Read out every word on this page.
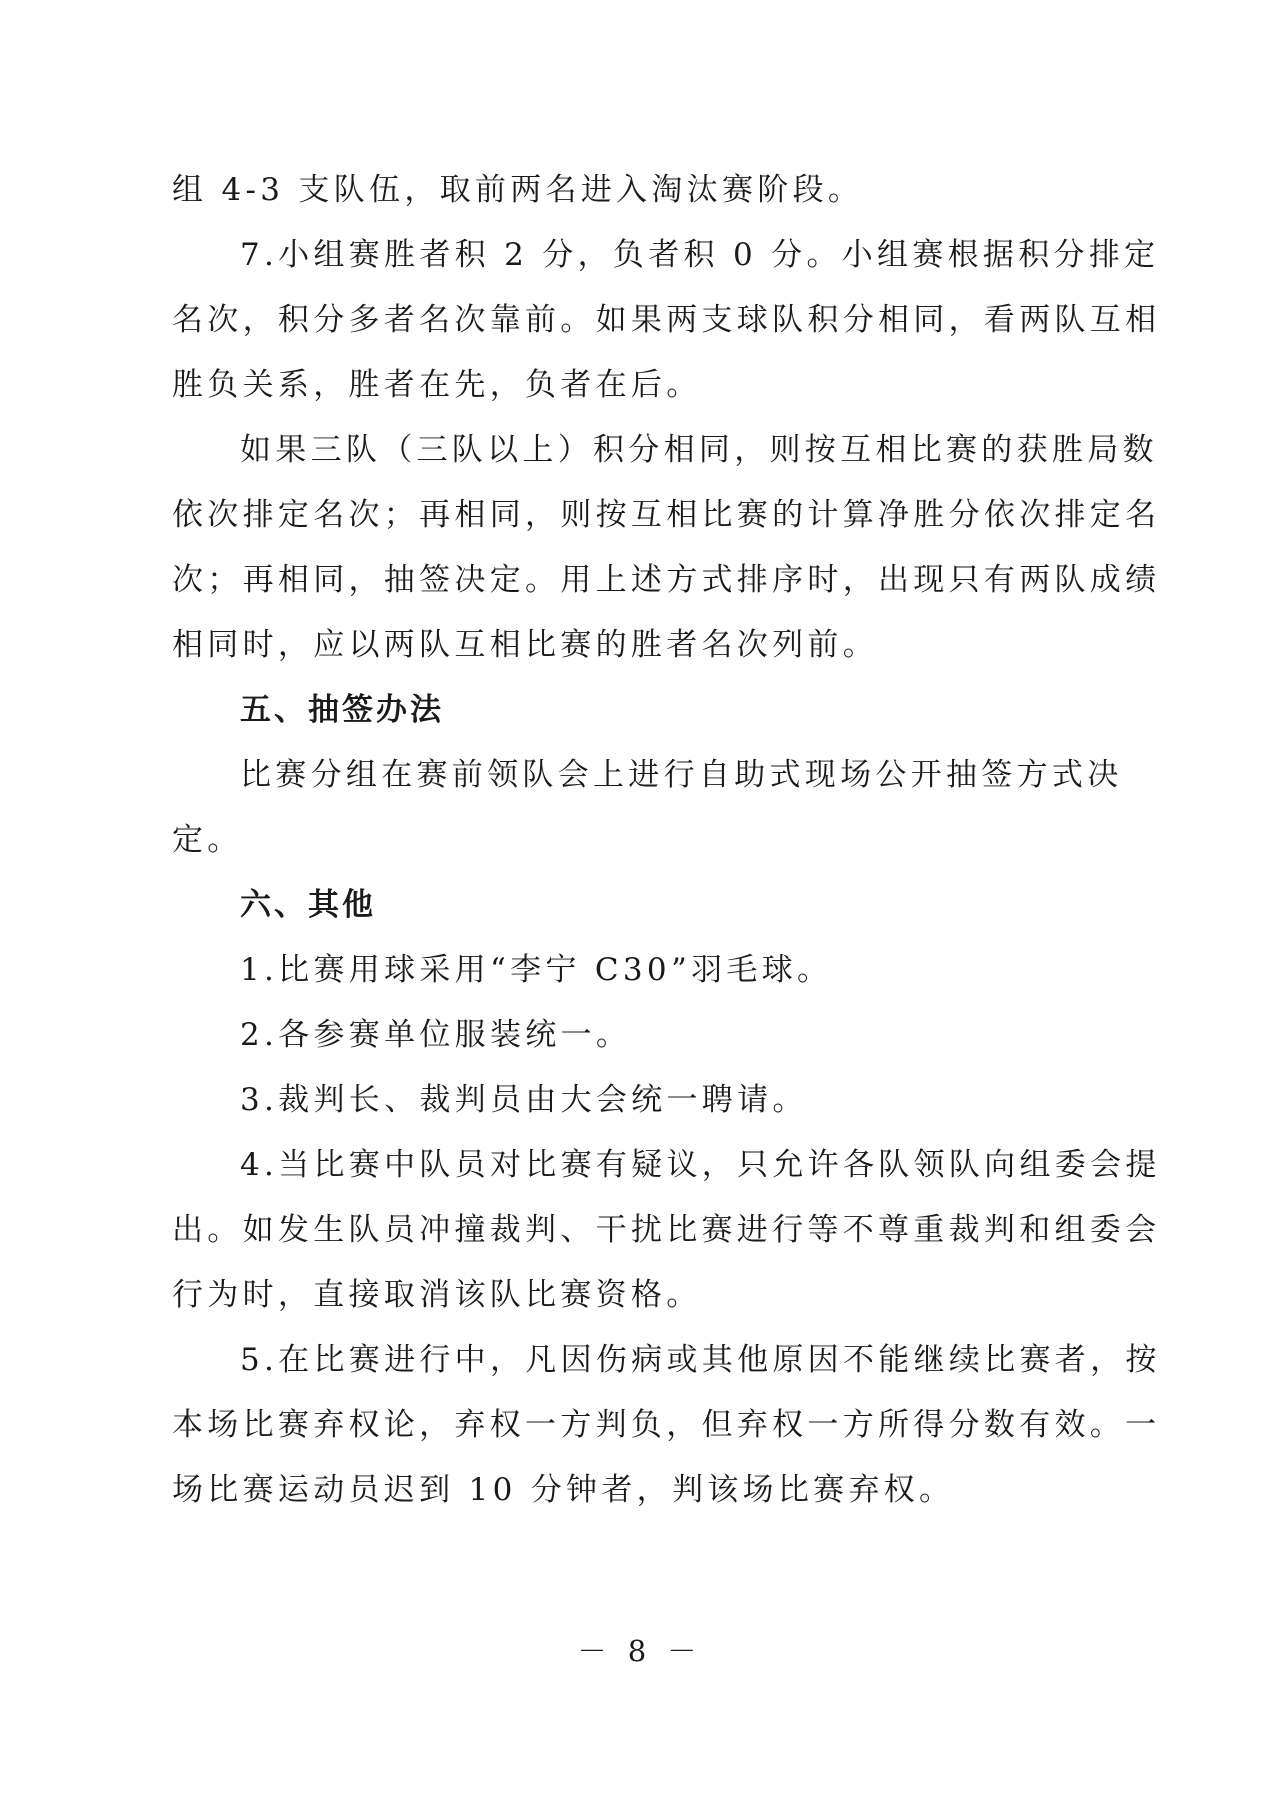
组 4-3 支队伍，取前两名进入淘汰赛阶段。

7.小组赛胜者积 2 分，负者积 0 分。小组赛根据积分排定

名次，积分多者名次靠前。如果两支球队积分相同，看两队互相

胜负关系，胜者在先，负者在后。

如果三队（三队以上）积分相同，则按互相比赛的获胜局数

依次排定名次；再相同，则按互相比赛的计算净胜分依次排定名

次；再相同，抽签决定。用上述方式排序时，出现只有两队成绩

相同时，应以两队互相比赛的胜者名次列前。

五、抽签办法

比赛分组在赛前领队会上进行自助式现场公开抽签方式决

定。

六、其他

1.比赛用球采用“李宁 C30”羽毛球。

2.各参赛单位服装统一。

3.裁判长、裁判员由大会统一聘请。

4.当比赛中队员对比赛有疑议，只允许各队领队向组委会提

出。如发生队员冲撞裁判、干扰比赛进行等不尊重裁判和组委会

行为时，直接取消该队比赛资格。

5.在比赛进行中，凡因伤病或其他原因不能继续比赛者，按

本场比赛弃权论，弃权一方判负，但弃权一方所得分数有效。一

场比赛运动员迟到 10 分钟者，判该场比赛弃权。

－ 8 －
